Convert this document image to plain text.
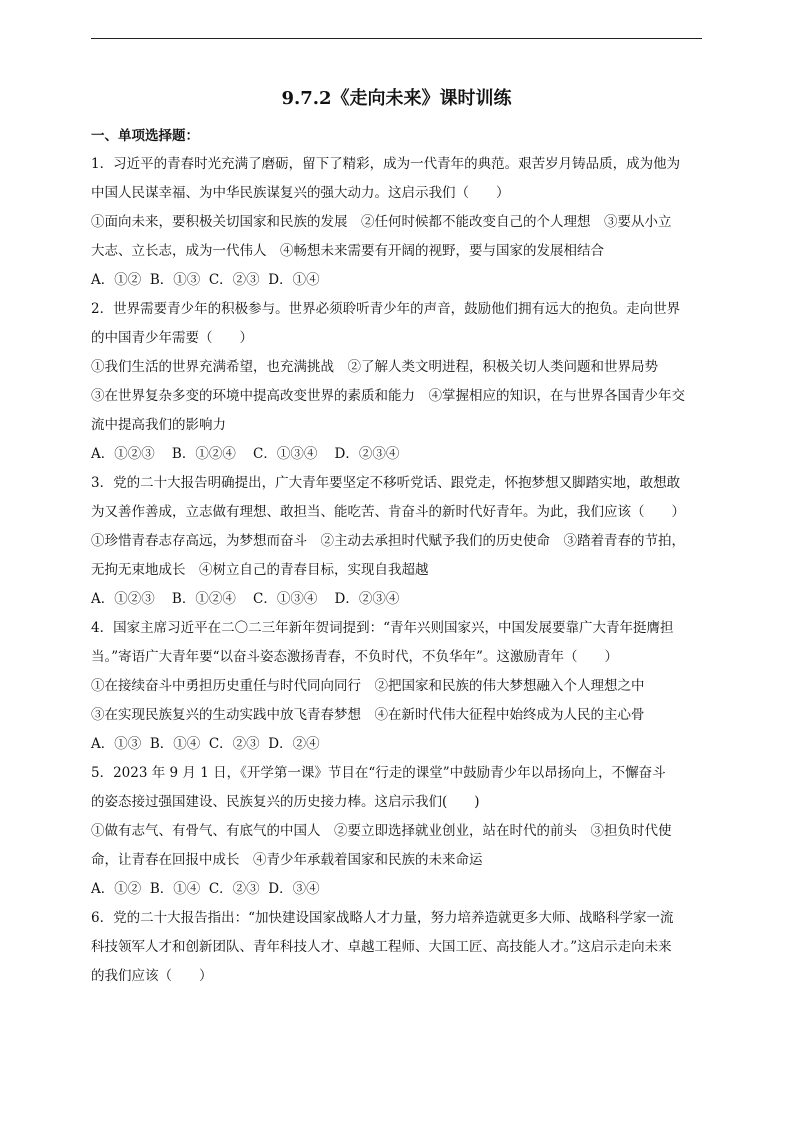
9.7.2《走向未来》课时训练

一、单项选择题：

1．习近平的青春时光充满了磨砺，留下了精彩，成为一代青年的典范。艰苦岁月铸品质，成为他为

中国人民谋幸福、为中华民族谋复兴的强大动力。这启示我们（　　）

①面向未来，要积极关切国家和民族的发展　②任何时候都不能改变自己的个人理想　③要从小立

大志、立长志，成为一代伟人　④畅想未来需要有开阔的视野，要与国家的发展相结合

A．①②  B．①③  C．②③  D．①④

2．世界需要青少年的积极参与。世界必须聆听青少年的声音，鼓励他们拥有远大的抱负。走向世界

的中国青少年需要（　　）

①我们生活的世界充满希望，也充满挑战　②了解人类文明进程，积极关切人类问题和世界局势

③在世界复杂多变的环境中提高改变世界的素质和能力　④掌握相应的知识，在与世界各国青少年交

流中提高我们的影响力

A．①②③    B．①②④    C．①③④    D．②③④

3．党的二十大报告明确提出，广大青年要坚定不移听党话、跟党走，怀抱梦想又脚踏实地，敢想敢

为又善作善成，立志做有理想、敢担当、能吃苦、肯奋斗的新时代好青年。为此，我们应该（　　）

①珍惜青春志存高远，为梦想而奋斗　②主动去承担时代赋予我们的历史使命　③踏着青春的节拍，

无拘无束地成长　④树立自己的青春目标，实现自我超越

A．①②③    B．①②④    C．①③④    D．②③④

4．国家主席习近平在二〇二三年新年贺词提到：“青年兴则国家兴，中国发展要靠广大青年挺膺担

当。”寄语广大青年要“以奋斗姿态激扬青春，不负时代，不负华年”。这激励青年（　　）

①在接续奋斗中勇担历史重任与时代同向同行　②把国家和民族的伟大梦想融入个人理想之中

③在实现民族复兴的生动实践中放飞青春梦想　④在新时代伟大征程中始终成为人民的主心骨

A．①③  B．①④  C．②③  D．②④

5．2023 年 9 月 1 日，《开学第一课》节目在“行走的课堂”中鼓励青少年以昂扬向上，不懈奋斗

的姿态接过强国建设、民族复兴的历史接力棒。这启示我们(　　)

①做有志气、有骨气、有底气的中国人　②要立即选择就业创业，站在时代的前头　③担负时代使

命，让青春在回报中成长　④青少年承载着国家和民族的未来命运

A．①②  B．①④  C．②③  D．③④

6．党的二十大报告指出：“加快建设国家战略人才力量，努力培养造就更多大师、战略科学家一流

科技领军人才和创新团队、青年科技人才、卓越工程师、大国工匠、高技能人才。”这启示走向未来

的我们应该（　　）
